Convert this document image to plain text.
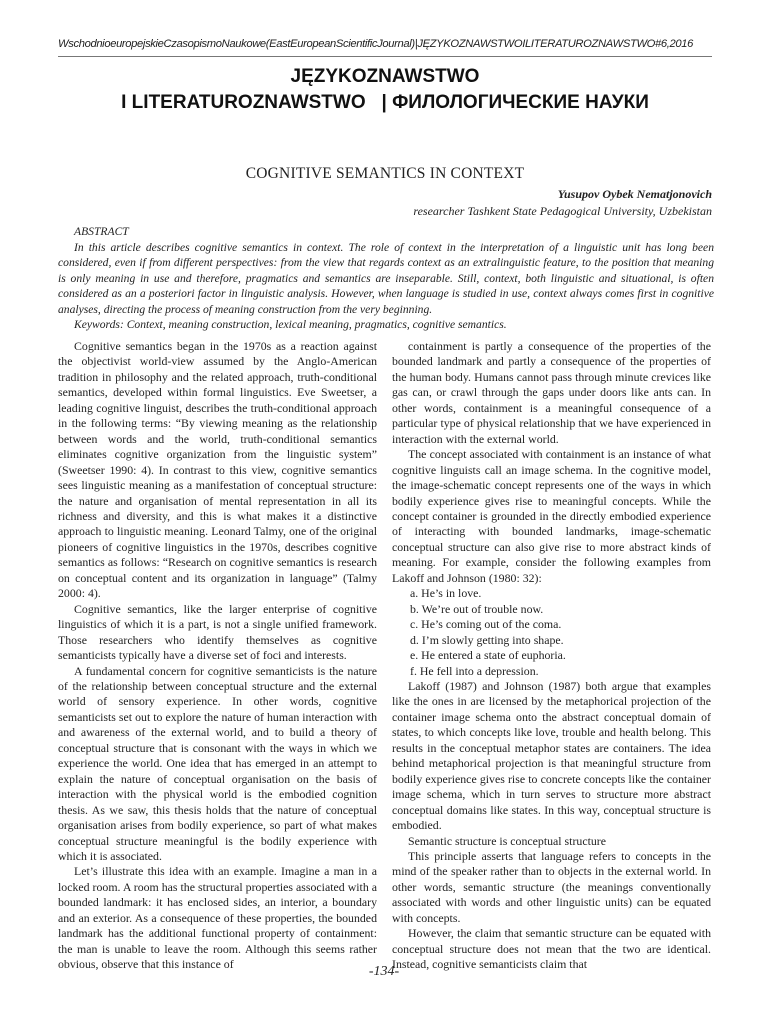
WschodnioeuropejskieCzasopismoNaukowe(EastEuropeanScientificJournal)|JĘZYKOZNAWSTWOILITERATUROZNAWSTWO#6,2016
JĘZYKOZNAWSTWO
I LITERATUROZNAWSTWO | ФИЛОЛОГИЧЕСКИЕ НАУКИ
COGNITIVE SEMANTICS IN CONTEXT
Yusupov Oybek Nematjonovich
researcher Tashkent State Pedagogical University, Uzbekistan

ABSTRACT

In this article describes cognitive semantics in context. The role of context in the interpretation of a linguistic unit has long been considered, even if from different perspectives: from the view that regards context as an extralinguistic feature, to the position that meaning is only meaning in use and therefore, pragmatics and semantics are inseparable. Still, context, both linguistic and situational, is often considered as an a posteriori factor in linguistic analysis. However, when language is studied in use, context always comes first in cognitive analyses, directing the process of meaning construction from the very beginning.

Keywords: Context, meaning construction, lexical meaning, pragmatics, cognitive semantics.

Cognitive semantics began in the 1970s as a reaction against the objectivist world-view assumed by the Anglo-American tradition in philosophy and the related approach, truth-conditional semantics, developed within formal linguistics. Eve Sweetser, a leading cognitive linguist, describes the truth-conditional approach in the following terms: “By viewing meaning as the relationship between words and the world, truth-conditional semantics eliminates cognitive organization from the linguistic system” (Sweetser 1990: 4). In contrast to this view, cognitive semantics sees linguistic meaning as a manifestation of conceptual structure: the nature and organisation of mental representation in all its richness and diversity, and this is what makes it a distinctive approach to linguistic meaning. Leonard Talmy, one of the original pioneers of cognitive linguistics in the 1970s, describes cognitive semantics as follows: “Research on cognitive semantics is research on conceptual content and its organization in language” (Talmy 2000: 4).

Cognitive semantics, like the larger enterprise of cognitive linguistics of which it is a part, is not a single unified framework. Those researchers who identify themselves as cognitive semanticists typically have a diverse set of foci and interests.

A fundamental concern for cognitive semanticists is the nature of the relationship between conceptual structure and the external world of sensory experience. In other words, cognitive semanticists set out to explore the nature of human interaction with and awareness of the external world, and to build a theory of conceptual structure that is consonant with the ways in which we experience the world. One idea that has emerged in an attempt to explain the nature of conceptual organisation on the basis of interaction with the physical world is the embodied cognition thesis. As we saw, this thesis holds that the nature of conceptual organisation arises from bodily experience, so part of what makes conceptual structure meaningful is the bodily experience with which it is associated.

Let’s illustrate this idea with an example. Imagine a man in a locked room. A room has the structural properties associated with a bounded landmark: it has enclosed sides, an interior, a boundary and an exterior. As a consequence of these properties, the bounded landmark has the additional functional property of containment: the man is unable to leave the room. Although this seems rather obvious, observe that this instance of

containment is partly a consequence of the properties of the bounded landmark and partly a consequence of the properties of the human body. Humans cannot pass through minute crevices like gas can, or crawl through the gaps under doors like ants can. In other words, containment is a meaningful consequence of a particular type of physical relationship that we have experienced in interaction with the external world.

The concept associated with containment is an instance of what cognitive linguists call an image schema. In the cognitive model, the image-schematic concept represents one of the ways in which bodily experience gives rise to meaningful concepts. While the concept container is grounded in the directly embodied experience of interacting with bounded landmarks, image-schematic conceptual structure can also give rise to more abstract kinds of meaning. For example, consider the following examples from Lakoff and Johnson (1980: 32):

a. He’s in love.

b. We’re out of trouble now.

c. He’s coming out of the coma.

d. I’m slowly getting into shape.

e. He entered a state of euphoria.

f. He fell into a depression.

Lakoff (1987) and Johnson (1987) both argue that examples like the ones in are licensed by the metaphorical projection of the container image schema onto the abstract conceptual domain of states, to which concepts like love, trouble and health belong. This results in the conceptual metaphor states are containers. The idea behind metaphorical projection is that meaningful structure from bodily experience gives rise to concrete concepts like the container image schema, which in turn serves to structure more abstract conceptual domains like states. In this way, conceptual structure is embodied.

Semantic structure is conceptual structure

This principle asserts that language refers to concepts in the mind of the speaker rather than to objects in the external world. In other words, semantic structure (the meanings conventionally associated with words and other linguistic units) can be equated with concepts.

However, the claim that semantic structure can be equated with conceptual structure does not mean that the two are identical. Instead, cognitive semanticists claim that

-134-
